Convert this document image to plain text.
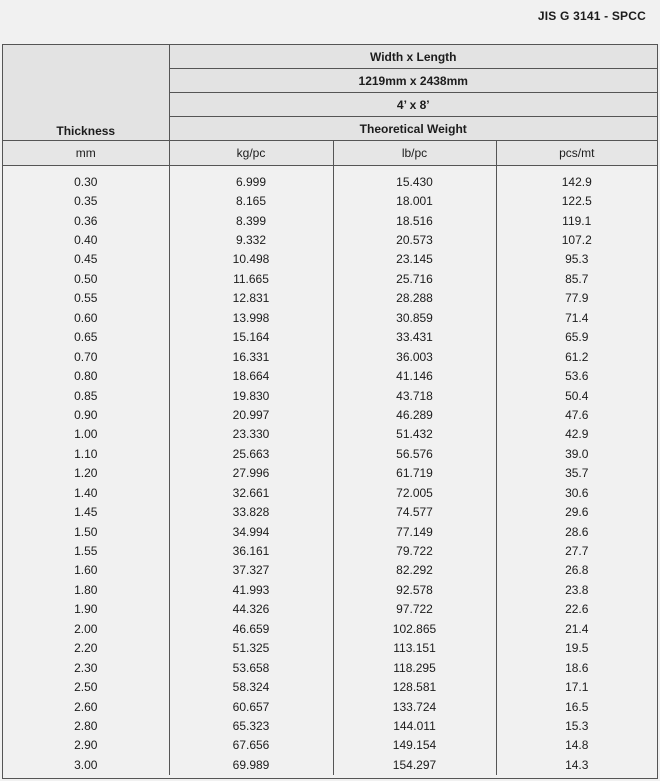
JIS G 3141 - SPCC
Thickness	Width x Length		
	1219mm x 2438mm		
	4’ x 8’		
	Theoretical Weight		
mm	kg/pc	lb/pc	pcs/mt
0.30	6.999	15.430	142.9
0.35	8.165	18.001	122.5
0.36	8.399	18.516	119.1
0.40	9.332	20.573	107.2
0.45	10.498	23.145	95.3
0.50	11.665	25.716	85.7
0.55	12.831	28.288	77.9
0.60	13.998	30.859	71.4
0.65	15.164	33.431	65.9
0.70	16.331	36.003	61.2
0.80	18.664	41.146	53.6
0.85	19.830	43.718	50.4
0.90	20.997	46.289	47.6
1.00	23.330	51.432	42.9
1.10	25.663	56.576	39.0
1.20	27.996	61.719	35.7
1.40	32.661	72.005	30.6
1.45	33.828	74.577	29.6
1.50	34.994	77.149	28.6
1.55	36.161	79.722	27.7
1.60	37.327	82.292	26.8
1.80	41.993	92.578	23.8
1.90	44.326	97.722	22.6
2.00	46.659	102.865	21.4
2.20	51.325	113.151	19.5
2.30	53.658	118.295	18.6
2.50	58.324	128.581	17.1
2.60	60.657	133.724	16.5
2.80	65.323	144.011	15.3
2.90	67.656	149.154	14.8
3.00	69.989	154.297	14.3
